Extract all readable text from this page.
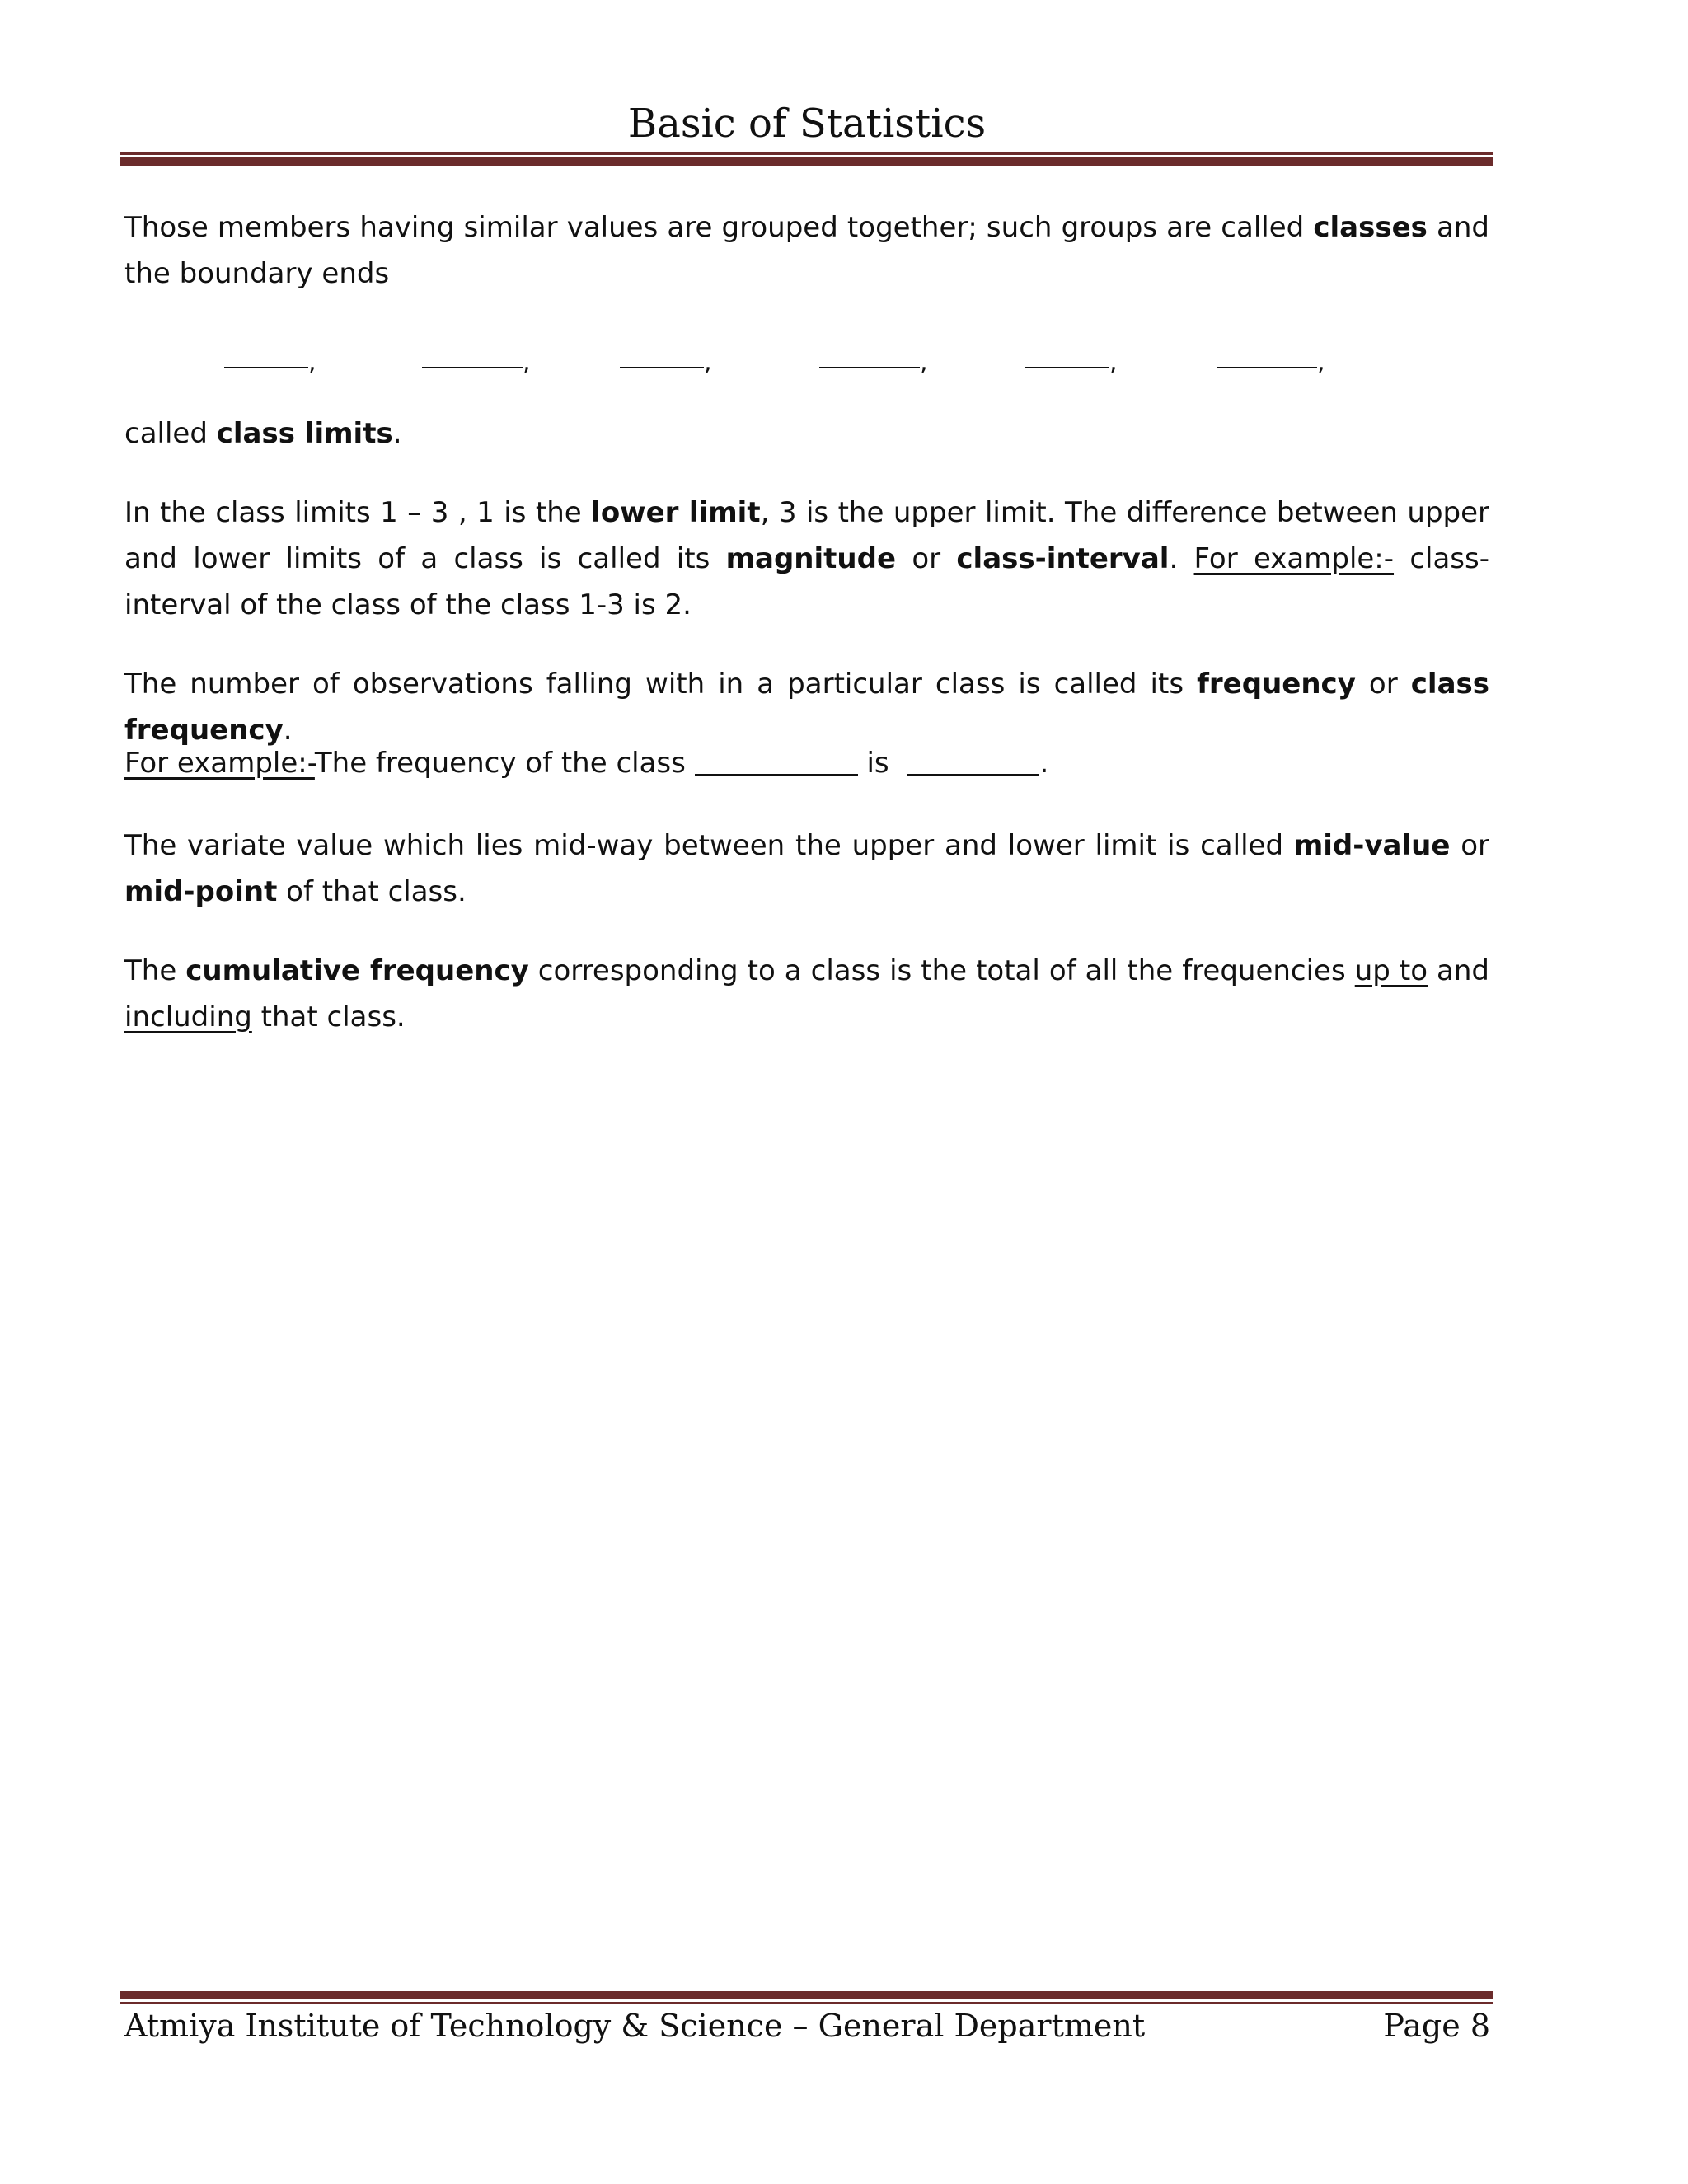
Basic of Statistics
Those members having similar values are grouped together; such groups are called classes and the boundary ends
,	,	,	,	,	,
called class limits.
In the class limits 1 – 3 , 1 is the lower limit, 3 is the upper limit. The difference between upper and lower limits of a class is called its magnitude or class-interval. For example:- class-interval of the class of the class 1-3 is 2.
The number of observations falling with in a particular class is called its frequency or class frequency.
For example:-The frequency of the class	is	.
The variate value which lies mid-way between the upper and lower limit is called mid-value or mid-point of that class.
The cumulative frequency corresponding to a class is the total of all the frequencies up to and including that class.
Atmiya Institute of Technology & Science – General Department	Page 8
